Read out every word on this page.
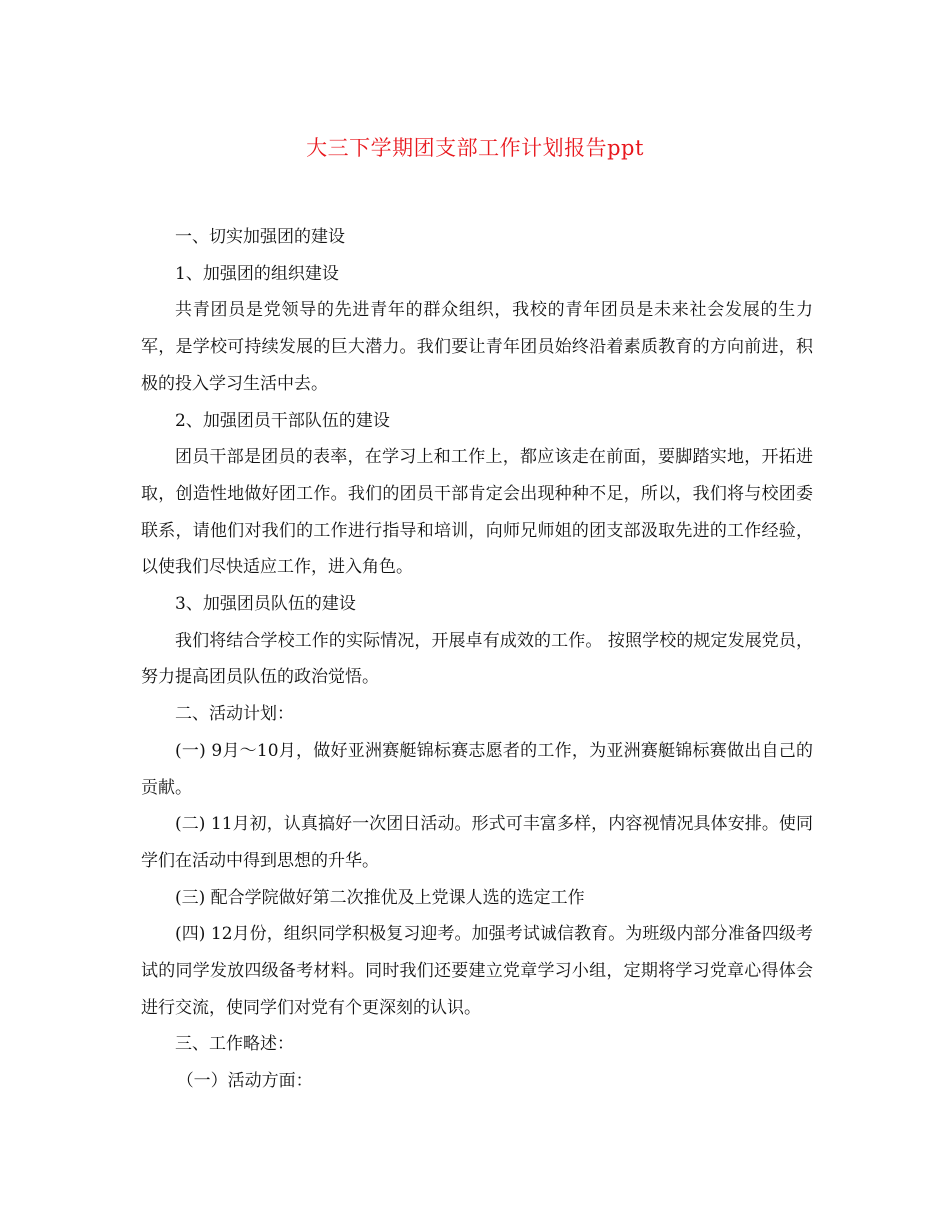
大三下学期团支部工作计划报告ppt

一、切实加强团的建设

1、加强团的组织建设

共青团员是党领导的先进青年的群众组织，我校的青年团员是未来社会发展的生力军，是学校可持续发展的巨大潜力。我们要让青年团员始终沿着素质教育的方向前进，积极的投入学习生活中去。

2、加强团员干部队伍的建设

团员干部是团员的表率，在学习上和工作上，都应该走在前面，要脚踏实地，开拓进取，创造性地做好团工作。我们的团员干部肯定会出现种种不足，所以，我们将与校团委联系，请他们对我们的工作进行指导和培训，向师兄师姐的团支部汲取先进的工作经验，以使我们尽快适应工作，进入角色。

3、加强团员队伍的建设

我们将结合学校工作的实际情况，开展卓有成效的工作。 按照学校的规定发展党员，努力提高团员队伍的政治觉悟。

二、活动计划：

(一) 9月～10月，做好亚洲赛艇锦标赛志愿者的工作，为亚洲赛艇锦标赛做出自己的贡献。

(二) 11月初，认真搞好一次团日活动。形式可丰富多样，内容视情况具体安排。使同学们在活动中得到思想的升华。

(三) 配合学院做好第二次推优及上党课人选的选定工作

(四) 12月份，组织同学积极复习迎考。加强考试诚信教育。为班级内部分准备四级考试的同学发放四级备考材料。同时我们还要建立党章学习小组，定期将学习党章心得体会进行交流，使同学们对党有个更深刻的认识。

三、工作略述：

（一）活动方面：
